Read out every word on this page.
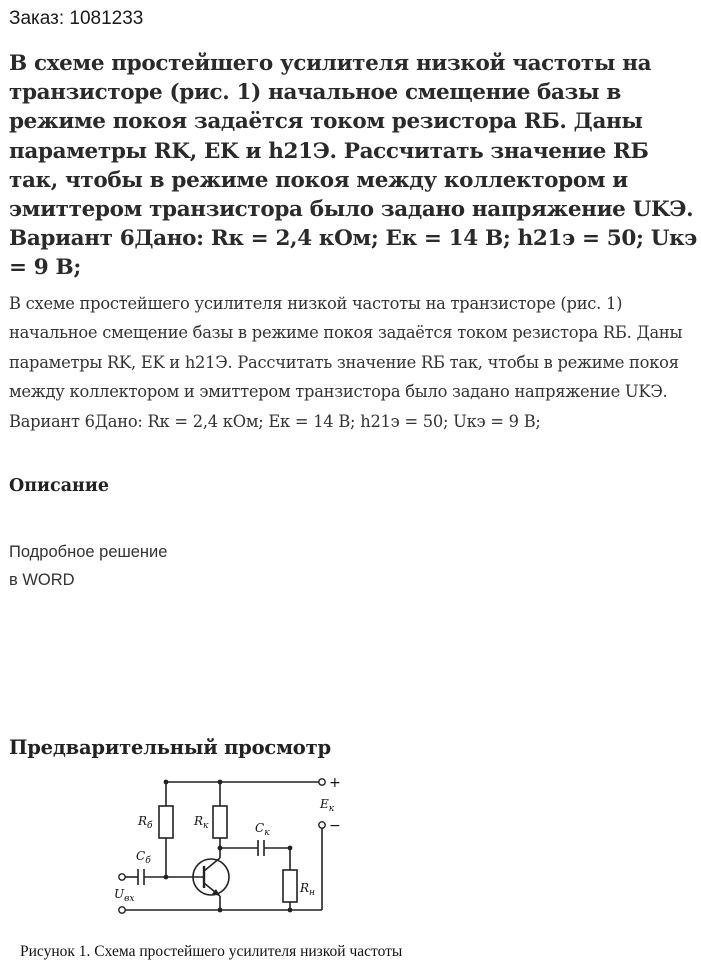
Заказ: 1081233
В схеме простейшего усилителя низкой частоты на транзисторе (рис. 1) начальное смещение базы в режиме покоя задаётся током резистора RБ. Даны параметры RK, EK и h21Э. Рассчитать значение RБ так, чтобы в режиме покоя между коллектором и эмиттером транзистора было задано напряжение UKЭ. Вариант 6Дано: Rк = 2,4 кОм; Eк = 14 В; h21э = 50; Uкэ = 9 В;

В схеме простейшего усилителя низкой частоты на транзисторе (рис. 1) начальное смещение базы в режиме покоя задаётся током резистора RБ. Даны параметры RK, EK и h21Э. Рассчитать значение RБ так, чтобы в режиме покоя между коллектором и эмиттером транзистора было задано напряжение UKЭ. Вариант 6Дано: Rк = 2,4 кОм; Eк = 14 В; h21э = 50; Uкэ = 9 В;

Описание
Подробное решение
в WORD
Предварительный просмотр
$R_б$	$R_к$	$C_к$
$C_б$
$E_к$
$R_н$
$U_{вх}$
+
−
Рисунок 1. Схема простейшего усилителя низкой частоты
